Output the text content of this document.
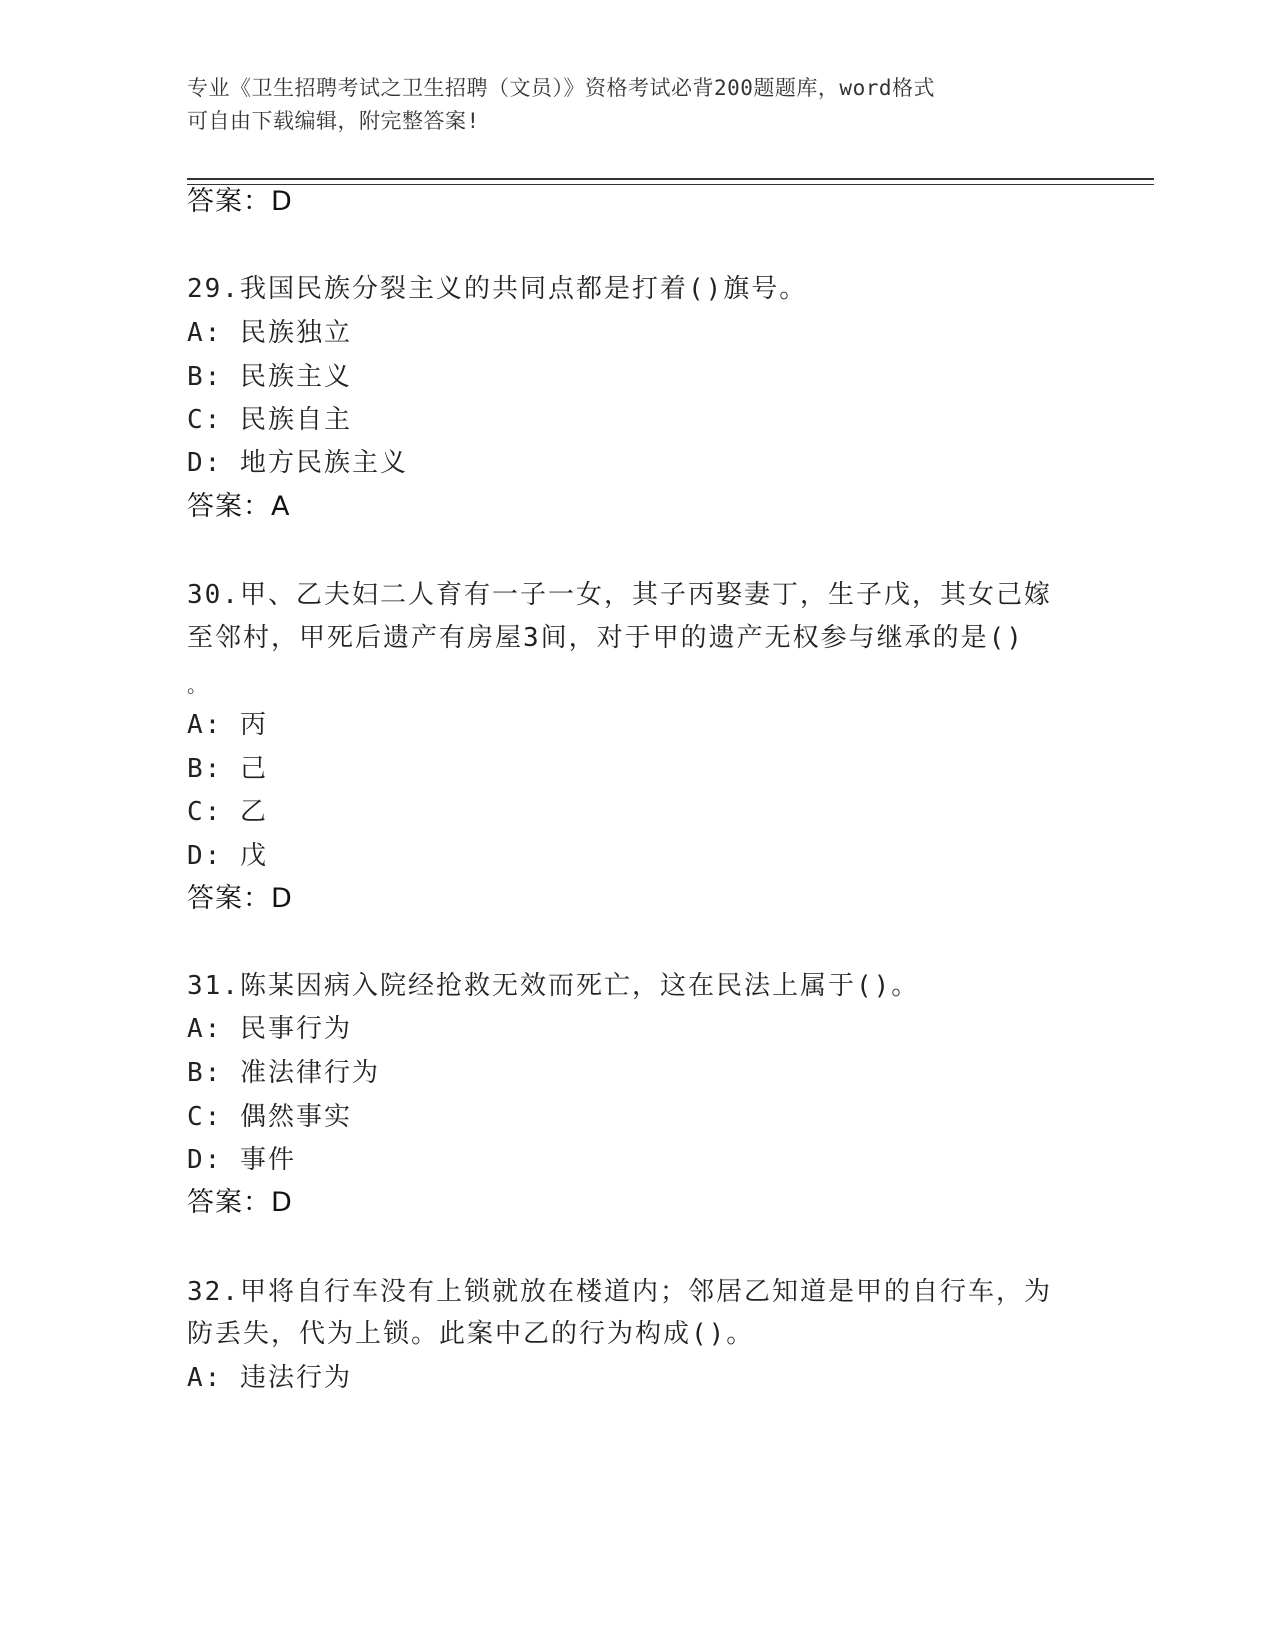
专业《卫生招聘考试之卫生招聘（文员）》资格考试必背200题题库，word格式
可自由下载编辑，附完整答案!
答案：D
29.我国民族分裂主义的共同点都是打着()旗号。
A: 民族独立
B: 民族主义
C: 民族自主
D: 地方民族主义
答案：A
30.甲、乙夫妇二人育有一子一女，其子丙娶妻丁，生子戊，其女己嫁
至邻村，甲死后遗产有房屋3间，对于甲的遗产无权参与继承的是()
。
A: 丙
B: 己
C: 乙
D: 戊
答案：D
31.陈某因病入院经抢救无效而死亡，这在民法上属于()。
A: 民事行为
B: 准法律行为
C: 偶然事实
D: 事件
答案：D
32.甲将自行车没有上锁就放在楼道内；邻居乙知道是甲的自行车，为
防丢失，代为上锁。此案中乙的行为构成()。
A: 违法行为
